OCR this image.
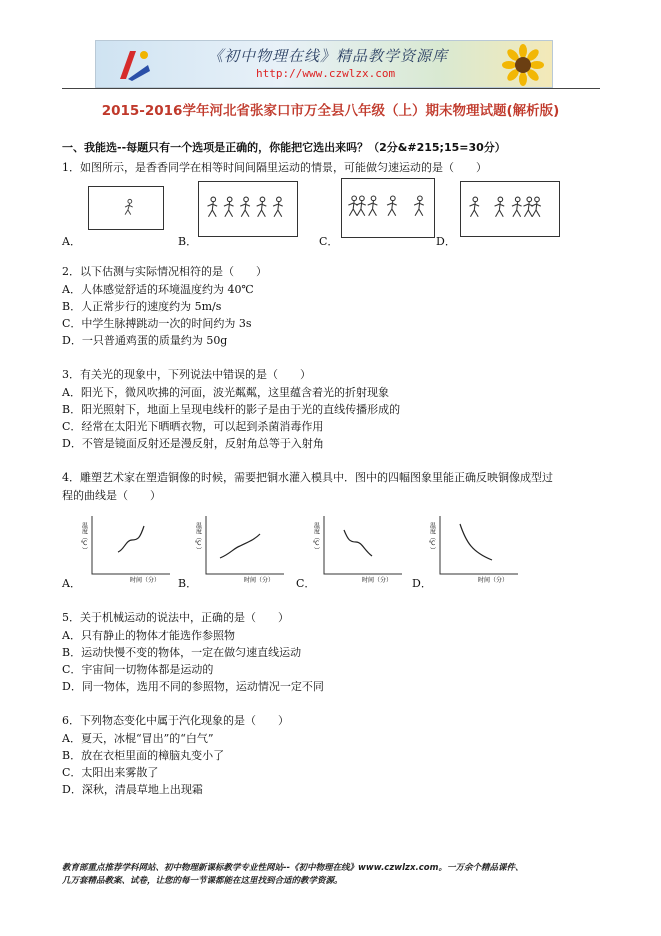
《初中物理在线》精品教学资源库
http://www.czwlzx.com
2015-2016学年河北省张家口市万全县八年级（上）期末物理试题(解析版)
一、我能选--每题只有一个选项是正确的，你能把它选出来吗？（2分&#215;15=30分）
1．如图所示，是香香同学在相等时间间隔里运动的情景，可能做匀速运动的是（　　）
A．	B．	C．	D．
2．以下估测与实际情况相符的是（　　）
A．人体感觉舒适的环境温度约为 40℃
B．人正常步行的速度约为 5m/s
C．中学生脉搏跳动一次的时间约为 3s
D．一只普通鸡蛋的质量约为 50g
3．有关光的现象中，下列说法中错误的是（　　）
A．阳光下，微风吹拂的河面，波光粼粼，这里蕴含着光的折射现象
B．阳光照射下，地面上呈现电线杆的影子是由于光的直线传播形成的
C．经常在太阳光下晒晒衣物，可以起到杀菌消毒作用
D．不管是镜面反射还是漫反射，反射角总等于入射角
4．雕塑艺术家在塑造铜像的时候，需要把铜水灌入模具中．图中的四幅图象里能正确反映铜像成型过
程的曲线是（　　）
温度（℃）
时间（分）
A．
温度（℃）
时间（分）
B．
温度（℃）
时间（分）
C．
温度（℃）
时间（分）
D．
5．关于机械运动的说法中，正确的是（　　）
A．只有静止的物体才能选作参照物
B．运动快慢不变的物体，一定在做匀速直线运动
C．宇宙间一切物体都是运动的
D．同一物体，选用不同的参照物，运动情况一定不同
6．下列物态变化中属于汽化现象的是（　　）
A．夏天，冰棍“冒出”的“白气”
B．放在衣柜里面的樟脑丸变小了
C．太阳出来雾散了
D．深秋，清晨草地上出现霜
教育部重点推荐学科网站、初中物理新课标教学专业性网站--《初中物理在线》www.czwlzx.com。一万余个精品课件、
几万套精品教案、试卷，让您的每一节课都能在这里找到合适的教学资源。
